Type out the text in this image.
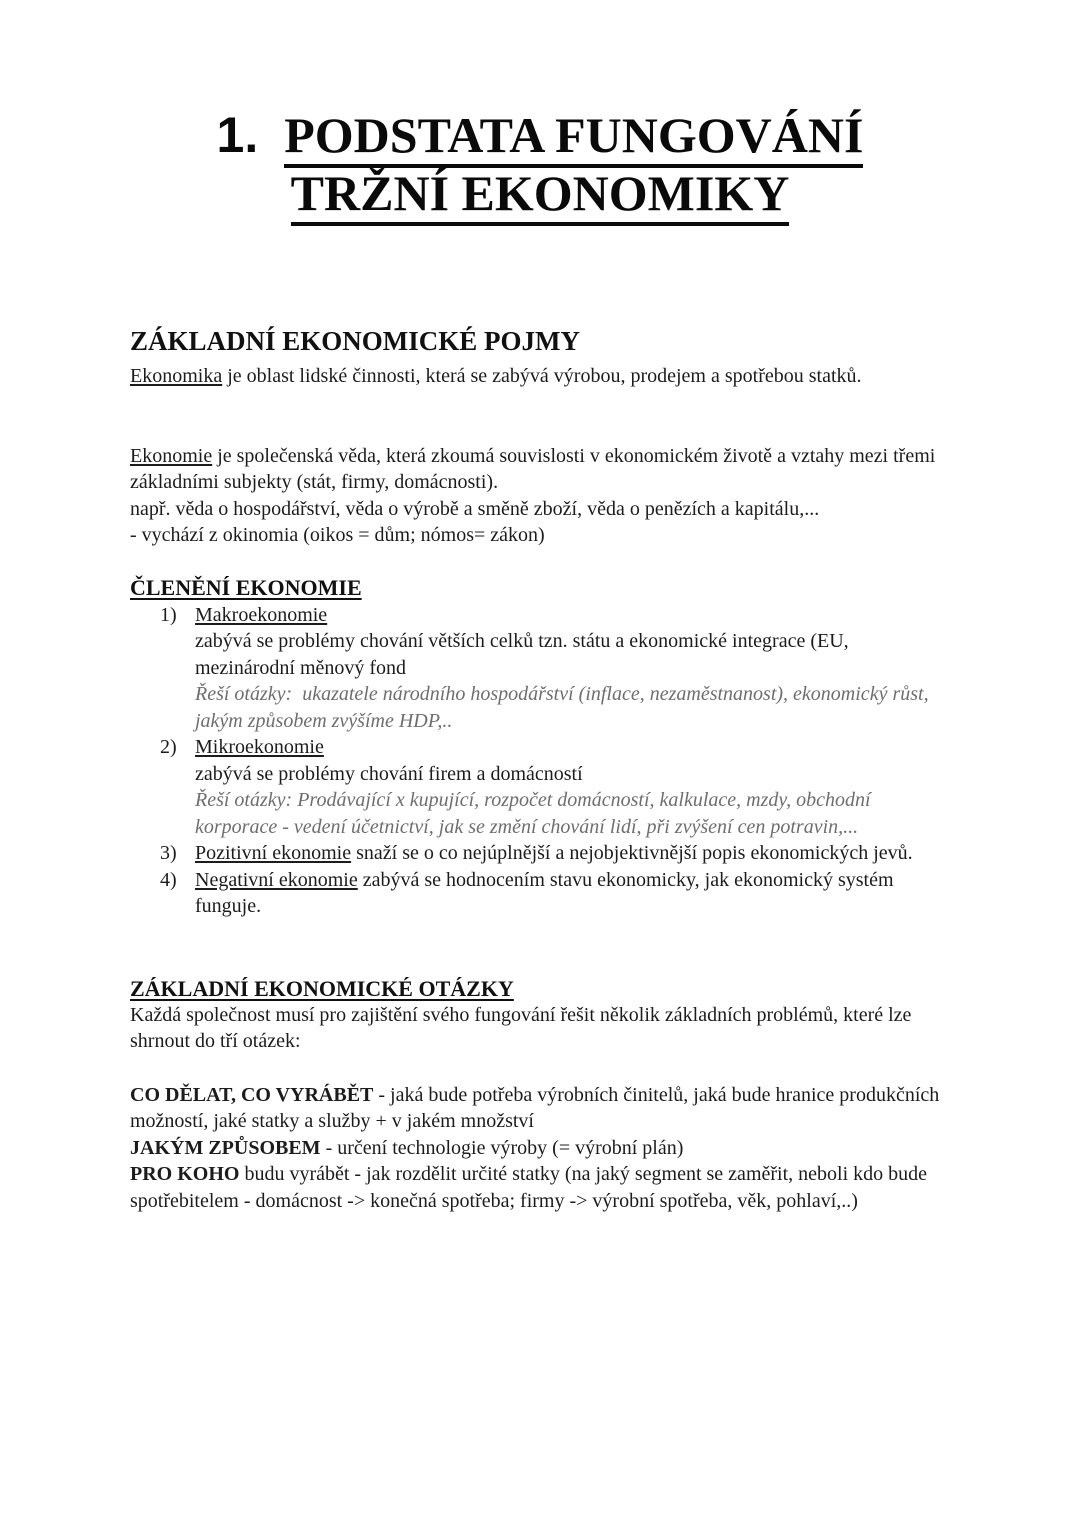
1. PODSTATA FUNGOVÁNÍ
TRŽNÍ EKONOMIKY
ZÁKLADNÍ EKONOMICKÉ POJMY

Ekonomika je oblast lidské činnosti, která se zabývá výrobou, prodejem a spotřebou statků.

Ekonomie je společenská věda, která zkoumá souvislosti v ekonomickém životě a vztahy mezi třemi základními subjekty (stát, firmy, domácnosti).

např. věda o hospodářství, věda o výrobě a směně zboží, věda o penězích a kapitálu,...
- vychází z okinomia (oikos = dům; nómos= zákon)
ČLENĚNÍ EKONOMIE
1) Makroekonomie
zabývá se problémy chování větších celků tzn. státu a ekonomické integrace (EU, mezinárodní měnový fond
Řeší otázky:  ukazatele národního hospodářství (inflace, nezaměstnanost), ekonomický růst, jakým způsobem zvýšíme HDP,..
2) Mikroekonomie
zabývá se problémy chování firem a domácností
Řeší otázky: Prodávající x kupující, rozpočet domácností, kalkulace, mzdy, obchodní korporace - vedení účetnictví, jak se změní chování lidí, při zvýšení cen potravin,...
3) Pozitivní ekonomie snaží se o co nejúplnější a nejobjektivnější popis ekonomických jevů.

4) Negativní ekonomie zabývá se hodnocením stavu ekonomicky, jak ekonomický systém funguje.

ZÁKLADNÍ EKONOMICKÉ OTÁZKY

Každá společnost musí pro zajištění svého fungování řešit několik základních problémů, které lze shrnout do tří otázek:

CO DĚLAT, CO VYRÁBĚT - jaká bude potřeba výrobních činitelů, jaká bude hranice produkčních možností, jaké statky a služby + v jakém množství

JAKÝM ZPŮSOBEM - určení technologie výroby (= výrobní plán)

PRO KOHO budu vyrábět - jak rozdělit určité statky (na jaký segment se zaměřit, neboli kdo bude spotřebitelem - domácnost -> konečná spotřeba; firmy -> výrobní spotřeba, věk, pohlaví,..)
